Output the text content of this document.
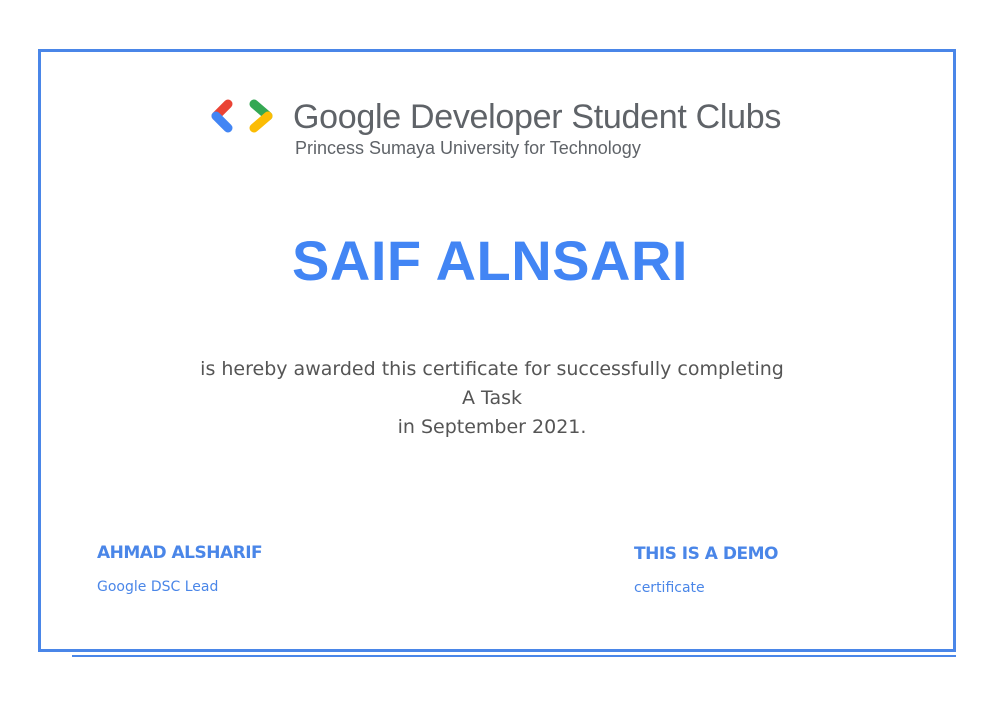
Google Developer Student Clubs
Princess Sumaya University for Technology
SAIF ALNSARI
is hereby awarded this certificate for successfully completing
A Task
in September 2021.
AHMAD ALSHARIF
Google DSC Lead
THIS IS A DEMO
certificate
